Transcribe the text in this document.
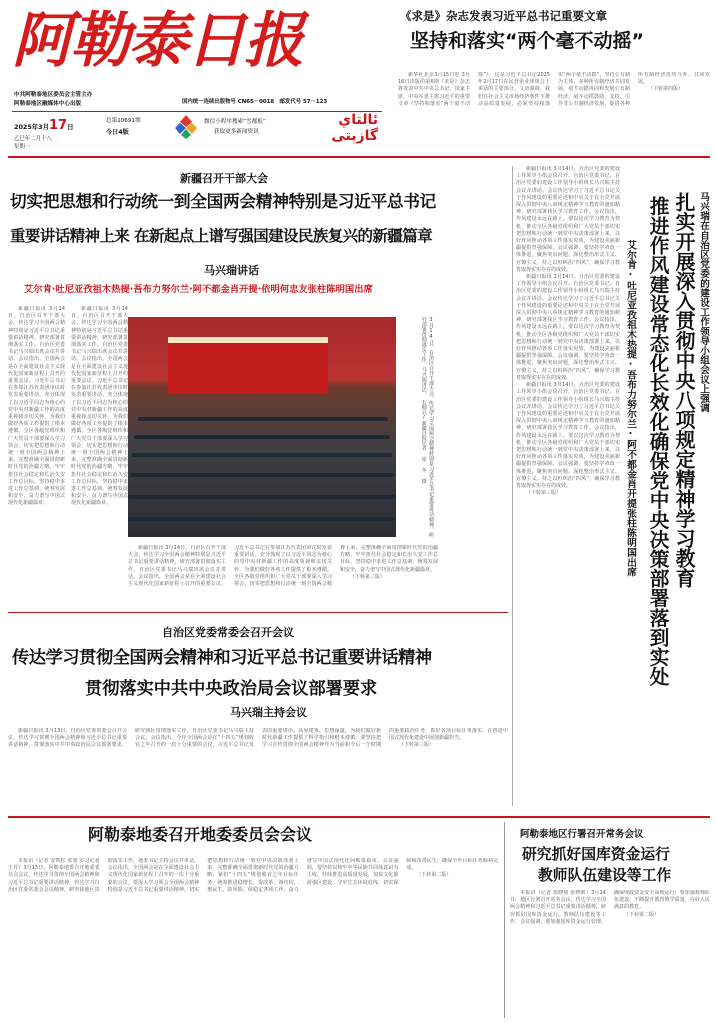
阿勒泰日报
中共阿勒泰地区委员会主管主办
阿勒泰地区融媒体中心出版	国内统一连续出版物号 CN65－0018　邮发代号 57－123
2025年3月17日
乙巳年二月十八
星期一
总第10691期
今日4版
微信小程序搜索“雪都报”
获取更多新闻资讯
ئالتاي گازېتى
《求是》杂志发表习近平总书记重要文章
坚持和落实“两个毫不动摇”

新华社北京3月15日电 3月16日出版的第6期《求是》杂志将发表中共中央总书记、国家主席、中央军委主席习近平的重要文章《坚持和落实“两个毫不动摇”》。这是习近平总书记2025年2月17日在民营企业座谈会上讲话的主要部分。文章强调，我们在社会主义市场经济条件下推动高质量发展，必须坚持和落实“两个毫不动摇”，坚持公有制为主体、多种所有制经济共同发展，毫不动摇巩固和发展公有制经济，毫不动摇鼓励、支持、引导非公有制经济发展，促进各种所有制经济优势互补、共同发展。

（下转第四版）

新疆召开干部大会
切实把思想和行动统一到全国两会精神特别是习近平总书记
重要讲话精神上来 在新起点上谱写强国建设民族复兴的新疆篇章
马兴瑞讲话
艾尔肯·吐尼亚孜祖木热提·吾布力努尔兰·阿不都金肖开提·依明何忠友张柱陈明国出席

新疆日报讯 3月14日，自治区召开干部大会，传达学习全国两会精神特别是习近平总书记重要讲话精神，研究部署贯彻落实工作。自治区党委书记马兴瑞出席会议并讲话。会议指出，全国两会是在全面建设社会主义现代化国家新征程上召开的重要会议。习近平总书记在参加江苏代表团审议时发表重要讲话，充分体现了以习近平同志为核心的党中央对新疆工作的高度重视和亲切关怀，为我们做好各项工作提供了根本遵循。全区各级党组织和广大党员干部要深入学习领会，切实把思想和行动统一到全国两会精神上来，完整准确全面贯彻新时代党的治疆方略，牢牢扭住社会稳定和长治久安工作总目标，坚持稳中求进工作总基调，统筹发展和安全，奋力谱写中国式现代化新疆篇章。

新疆日报讯 3月14日，自治区召开干部大会，传达学习全国两会精神特别是习近平总书记重要讲话精神，研究部署贯彻落实工作。自治区党委书记马兴瑞出席会议并讲话。会议指出，全国两会是在全面建设社会主义现代化国家新征程上召开的重要会议。习近平总书记在参加江苏代表团审议时发表重要讲话，充分体现了以习近平同志为核心的党中央对新疆工作的高度重视和亲切关怀，为我们做好各项工作提供了根本遵循。全区各级党组织和广大党员干部要深入学习领会，切实把思想和行动统一到全国两会精神上来，完整准确全面贯彻新时代党的治疆方略，牢牢扭住社会稳定和长治久安工作总目标，坚持稳中求进工作总基调，统筹发展和安全，奋力谱写中国式现代化新疆篇章。	3月14日，自治区召开干部大会，传达学习全国两会精神特别是习近平总书记重要讲话精神，研究部署贯彻落实工作。马兴瑞讲话。　石榴云/新疆日报记者 崔 冬 摄

新疆日报讯 3月14日，自治区召开干部大会，传达学习全国两会精神特别是习近平总书记重要讲话精神，研究部署贯彻落实工作。自治区党委书记马兴瑞出席会议并讲话。会议指出，全国两会是在全面建设社会主义现代化国家新征程上召开的重要会议。习近平总书记在参加江苏代表团审议时发表重要讲话，充分体现了以习近平同志为核心的党中央对新疆工作的高度重视和亲切关怀，为我们做好各项工作提供了根本遵循。全区各级党组织和广大党员干部要深入学习领会，切实把思想和行动统一到全国两会精神上来，完整准确全面贯彻新时代党的治疆方略，牢牢扭住社会稳定和长治久安工作总目标，坚持稳中求进工作总基调，统筹发展和安全，奋力谱写中国式现代化新疆篇章。

（下转第三版）

自治区党委常委会召开会议
传达学习贯彻全国两会精神和习近平总书记重要讲话精神
贯彻落实中共中央政治局会议部署要求
马兴瑞主持会议

新疆日报讯 3月13日，自治区党委常委会召开会议，传达学习贯彻全国两会精神和习近平总书记重要讲话精神，贯彻落实中共中央政治局会议部署要求，研究我区贯彻落实工作。自治区党委书记马兴瑞主持会议。会议指出，今年全国两会是在“十四五”规划收官之年召开的一次十分重要的会议，习近平总书记发表的重要讲话，高屋建瓴、思想深邃，为我们做好新时代新疆工作提供了科学指引和根本遵循。要坚持把学习宣传贯彻全国两会精神作为当前和今后一个时期的重要政治任务，抓好各项目标任务落实，在推进中国式现代化建设中展现新疆担当。

（下转第三版）

阿勒泰地委召开地委委员会会议

本报讯（记者 安铁松 张勇 实习记者 王丹）3月15日，阿勒泰地委召开地委委员会会议，传达学习贯彻全国两会精神和习近平总书记重要讲话精神，传达学习自治区党委常委会会议精神，研究我地区贯彻落实工作。地委书记主持会议并讲话。会议指出，全国两会是在全面建设社会主义现代化国家新征程上召开的一次十分重要的会议。要深入学习领会全国两会精神特别是习近平总书记重要讲话精神，切实把思想和行动统一到党中央决策部署上来，完整准确全面贯彻新时代党的治疆方略，紧扣“十四五”规划收官之年目标任务，统筹推进稳增长、促改革、调结构、惠民生、防风险、保稳定各项工作，奋力谱写中国式现代化阿勒泰篇章。会议强调，要坚持以铸牢中华民族共同体意识为主线，持续推进高质量发展，加快文化旅游强区建设，守牢生态环境底线，切实保障和改善民生，确保全年目标任务顺利完成。

（下转第二版）

阿勒泰地区行署召开常务会议
研究抓好国库资金运行
教师队伍建设等工作

本报讯（记者 郑晓倩 张晓莉）3月14日，地区行署召开常务会议，传达学习全国两会精神和习近平总书记重要讲话精神，研究抓好国库资金运行、教师队伍建设等工作。会议强调，要加强国库资金运行管理，确保财政资金安全高效运行；要加强教师队伍建设，不断提升教育教学质量，办好人民满意的教育。

（下转第二版）

新疆日报讯 3月14日，自治区党委的建设工作领导小组会议召开。自治区党委书记、自治区党委的建设工作领导小组组长马兴瑞主持会议并讲话。会议传达学习了习近平总书记关于作风建设的重要论述和中央关于在全党开展深入贯彻中央八项规定精神学习教育的通知精神，研究部署我区学习教育工作。会议指出，作风建设永远在路上。要以这次学习教育为契机，推动全区各级党组织和广大党员干部切实把思想和行动统一到党中央决策部署上来，以好作风推动各项工作落实见效，为建设美丽新疆提供坚强保障。会议强调，要坚持学查改一体推进，聚焦突出问题，深化整治形式主义、官僚主义，持之以恒纠治“四风”，确保学习教育取得实实在在的成效。

新疆日报讯 3月14日，自治区党委的建设工作领导小组会议召开。自治区党委书记、自治区党委的建设工作领导小组组长马兴瑞主持会议并讲话。会议传达学习了习近平总书记关于作风建设的重要论述和中央关于在全党开展深入贯彻中央八项规定精神学习教育的通知精神，研究部署我区学习教育工作。会议指出，作风建设永远在路上。要以这次学习教育为契机，推动全区各级党组织和广大党员干部切实把思想和行动统一到党中央决策部署上来，以好作风推动各项工作落实见效，为建设美丽新疆提供坚强保障。会议强调，要坚持学查改一体推进，聚焦突出问题，深化整治形式主义、官僚主义，持之以恒纠治“四风”，确保学习教育取得实实在在的成效。

新疆日报讯 3月14日，自治区党委的建设工作领导小组会议召开。自治区党委书记、自治区党委的建设工作领导小组组长马兴瑞主持会议并讲话。会议传达学习了习近平总书记关于作风建设的重要论述和中央关于在全党开展深入贯彻中央八项规定精神学习教育的通知精神，研究部署我区学习教育工作。会议指出，作风建设永远在路上。要以这次学习教育为契机，推动全区各级党组织和广大党员干部切实把思想和行动统一到党中央决策部署上来，以好作风推动各项工作落实见效，为建设美丽新疆提供坚强保障。会议强调，要坚持学查改一体推进，聚焦突出问题，深化整治形式主义、官僚主义，持之以恒纠治“四风”，确保学习教育取得实实在在的成效。

（下转第三版）	艾尔肯·吐尼亚孜祖木热提·吾布力努尔兰·阿不都金肖开提张柱陈明国出席 推进作风建设常态化长效化确保党中央决策部署落到实处 扎实开展深入贯彻中央八项规定精神学习教育 马兴瑞在自治区党委的建设工作领导小组会议上强调
